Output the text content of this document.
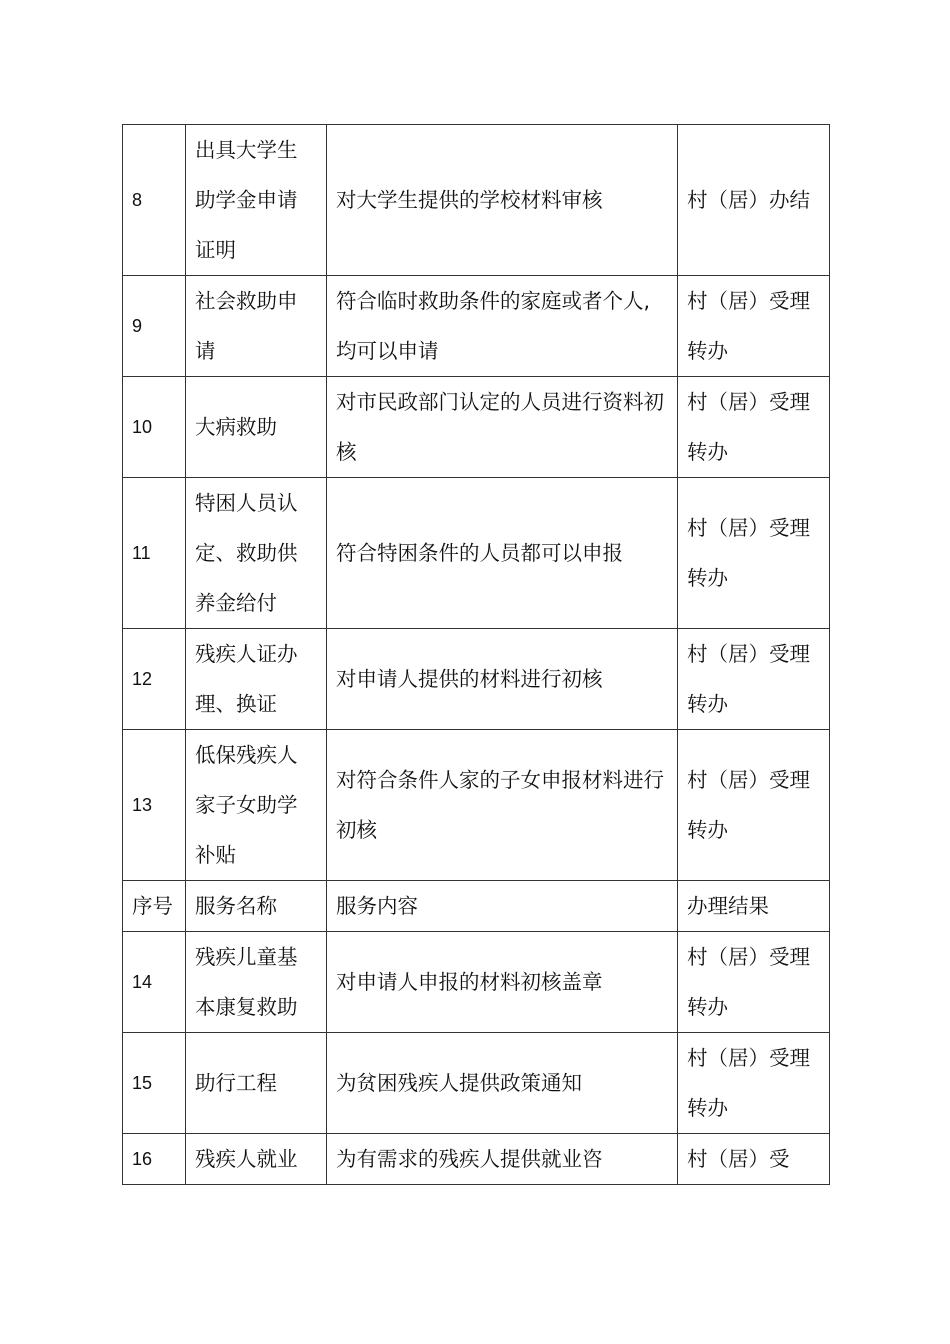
8	出具大学生助学金申请证明	对大学生提供的学校材料审核	村（居）办结
9	社会救助申请	符合临时救助条件的家庭或者个人,均可以申请	村（居）受理转办
10	大病救助	对市民政部门认定的人员进行资料初核	村（居）受理转办
11	特困人员认定、救助供养金给付	符合特困条件的人员都可以申报	村（居）受理转办
12	残疾人证办理、换证	对申请人提供的材料进行初核	村（居）受理转办
13	低保残疾人家子女助学补贴	对符合条件人家的子女申报材料进行初核	村（居）受理转办
序号	服务名称	服务内容	办理结果
14	残疾儿童基本康复救助	对申请人申报的材料初核盖章	村（居）受理转办
15	助行工程	为贫困残疾人提供政策通知	村（居）受理转办
16	残疾人就业	为有需求的残疾人提供就业咨	村（居）受
